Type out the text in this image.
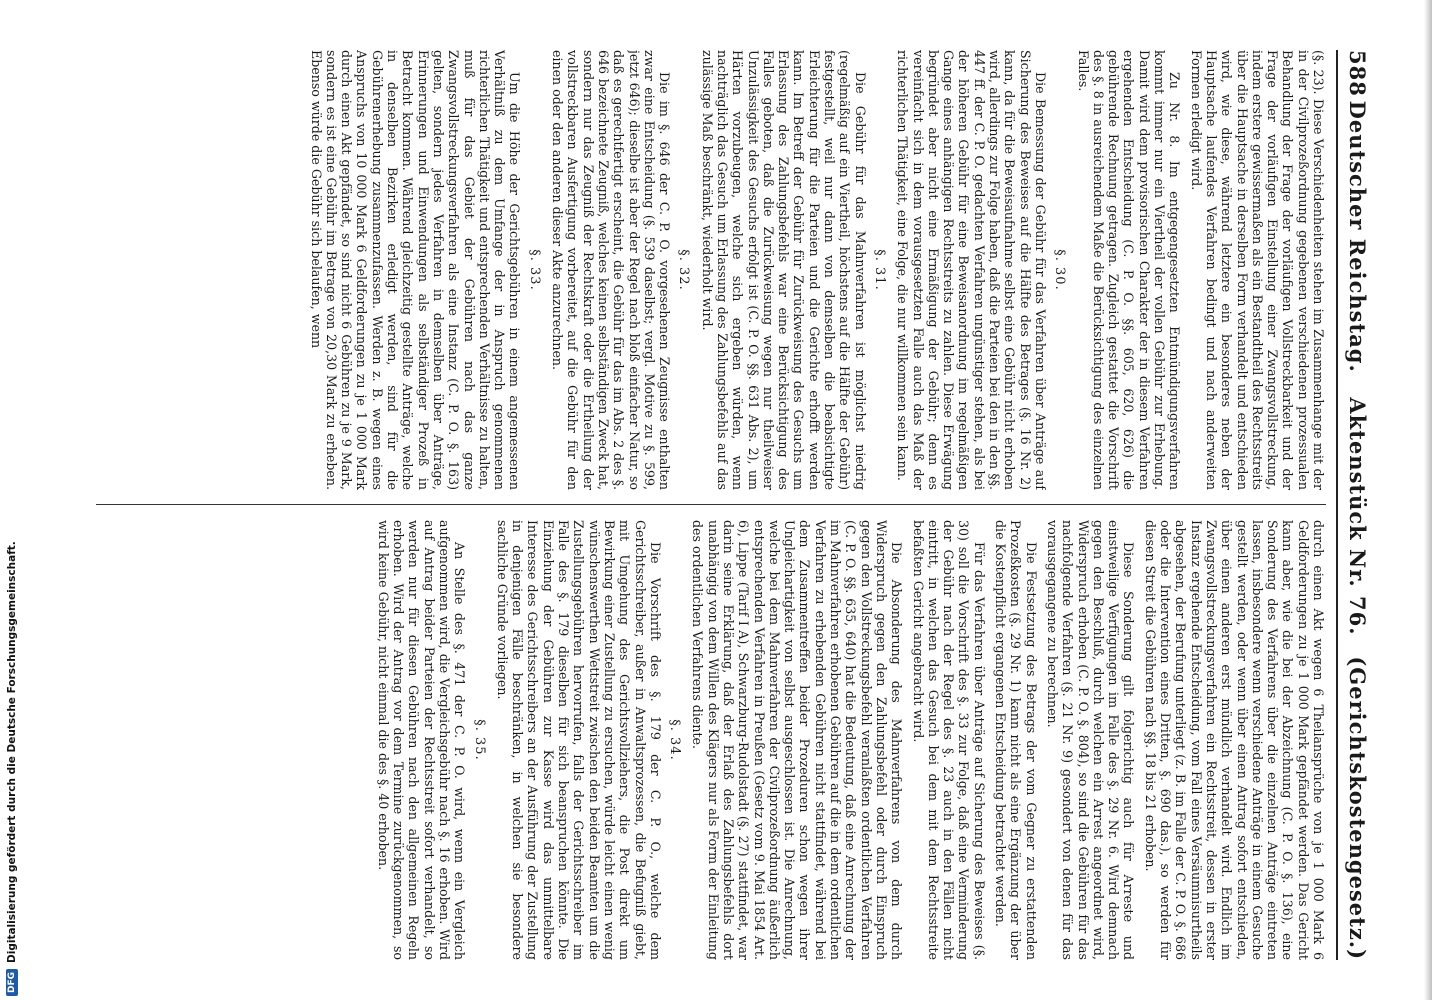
588
Deutscher Reichstag.
Aktenstück Nr. 76.
(Gerichtskostengesetz.)

(§. 23). Diese Verschiedenheiten stehen im Zusammenhange mit der in der Civilprozeßordnung gegebenen verschiedenen prozessualen Behandlung der Frage der vorläufigen Vollstreckbarkeit und der Frage der vorläufigen Einstellung einer Zwangsvollstreckung, indem erstere gewissermaßen als ein Bestandtheil des Rechtsstreits über die Hauptsache in derselben Form verhandelt und entschieden wird, wie diese, während letztere ein besonderes neben der Hauptsache laufendes Verfahren bedingt und nach anderweiten Formen erledigt wird.

Zu Nr. 8. Im entgegengesetzten Entmündigungsverfahren kommt immer nur ein Viertheil der vollen Gebühr zur Erhebung. Damit wird dem provisorischen Charakter der in diesem Verfahren ergehenden Entscheidung (C. P. O. §§. 605, 620, 626) die gebührende Rechnung getragen. Zugleich gestattet die Vorschrift des §. 8 in ausreichendem Maße die Berücksichtigung des einzelnen Falles.

§. 30.

Die Bemessung der Gebühr für das Verfahren über Anträge auf Sicherung des Beweises auf die Hälfte des Betrages (§. 16 Nr. 2) kann, da für die Beweisaufnahme selbst eine Gebühr nicht erhoben wird, allerdings zur Folge haben, daß die Parteien bei den in den §§. 447 ff. der C. P. O. gedachten Verfahren ungünstiger stehen, als bei der höheren Gebühr für eine Beweisanordnung im regelmäßigen Gange eines anhängigen Rechtsstreits zu zahlen. Diese Erwägung begründet aber nicht eine Ermäßigung der Gebühr; denn es vereinfacht sich in dem vorausgesetzten Falle auch das Maß der richterlichen Thätigkeit, eine Folge, die nur willkommen sein kann.

§. 31.

Die Gebühr für das Mahnverfahren ist möglichst niedrig (regelmäßig auf ein Viertheil, höchstens auf die Hälfte der Gebühr) festgestellt, weil nur dann von demselben die beabsichtigte Erleichterung für die Parteien und die Gerichte erhofft werden kann. Im Betreff der Gebühr für Zurückweisung des Gesuchs um Erlassung des Zahlungsbefehls war eine Berücksichtigung des Falles geboten, daß die Zurückweisung wegen nur theilweiser Unzulässigkeit des Gesuchs erfolgt ist (C. P. O. §§. 631 Abs. 2), um Härten vorzubeugen, welche sich ergeben würden, wenn nachträglich das Gesuch um Erlassung des Zahlungsbefehls auf das zulässige Maß beschränkt, wiederholt wird.

§. 32.

Die im §. 646 der C. P. O. vorgesehenen Zeugnisse enthalten zwar eine Entscheidung (§. 539 daselbst; vergl. Motive zu §. 599, jetzt 646); dieselbe ist aber der Regel nach bloß einfacher Natur, so daß es gerechtfertigt erscheint, die Gebühr für das im Abs. 2 des §. 646 bezeichnete Zeugniß, welches keinen selbständigen Zweck hat, sondern nur das Zeugniß der Rechtskraft oder die Ertheilung der vollstreckbaren Ausfertigung vorbereitet, auf die Gebühr für den einen oder den anderen dieser Akte anzurechnen.

§. 33.

Um die Höhe der Gerichtsgebühren in einem angemessenen Verhältniß zu dem Umfange der in Anspruch genommenen richterlichen Thätigkeit und entsprechenden Verhältnisse zu halten, muß für das Gebiet der Gebühren nach das ganze Zwangsvollstreckungsverfahren als eine Instanz (C. P. O. §. 163) gelten, sondern jedes Verfahren in demselben über Anträge, Erinnerungen und Einwendungen als selbständiger Prozeß in Betracht kommen. Während gleichzeitig gestellte Anträge, welche in denselben Bezirken erledigt werden, sind für die Gebührenerhebung zusammenzufassen. Werden z. B. wegen eines Anspruchs von 10 000 Mark 6 Geldforderungen zu je 1 000 Mark durch einen Akt gepfändet, so sind nicht 6 Gebühren zu je 9 Mark, sondern es ist eine Gebühr im Betrage von 20,30 Mark zu erheben. Ebenso würde die Gebühr sich belaufen, wenn

durch einen Akt wegen 6 Theilansprüche von je 1 000 Mark 6 Geldforderungen zu je 1 000 Mark gepfändet werden. Das Gericht kann aber, wie die bei der Abzeichnung (C. P. O. §. 136), eine Sonderung des Verfahrens über die einzelnen Anträge eintreten lassen, insbesondere wenn verschiedene Anträge in einem Gesuche gestellt werden, oder wenn über einen Antrag sofort entschieden, über einen anderen erst mündlich verhandelt wird. Endlich im Zwangsvollstreckungsverfahren ein Rechtsstreit, dessen in erster Instanz ergehende Entscheidung, vom Fall eines Versäumnisurtheils abgesehen, der Berufung unterliegt (z. B. im Falle der C. P. O. §. 686 oder die Intervention eines Dritten, §. 690 das.), so werden für diesen Streit die Gebühren nach §§. 18 bis 21 erhoben.

Diese Sonderung gilt folgerichtig auch für Arreste und einstweilige Verfügungen im Falle des §. 29 Nr. 6. Wird demnach gegen den Beschluß, durch welchen ein Arrest angeordnet wird, Widerspruch erhoben (C. P. O. §. 804), so sind die Gebühren für das nachfolgende Verfahren (§. 21 Nr. 9) gesondert von denen für das vorausgegangene zu berechnen.

Die Festsetzung des Betrags der vom Gegner zu erstattenden Prozeßkosten (§. 29 Nr. 1) kann nicht als eine Ergänzung der über die Kostenpflicht ergangenen Entscheidung betrachtet werden.

Für das Verfahren über Anträge auf Sicherung des Beweises (§. 30) soll die Vorschrift des §. 33 zur Folge, daß eine Verminderung der Gebühr nach der Regel des §. 23 auch in den Fällen nicht eintritt, in welchen das Gesuch bei dem mit dem Rechtsstreite befaßten Gericht angebracht wird.

Die Absonderung des Mahnverfahrens von dem durch Widerspruch gegen den Zahlungsbefehl oder durch Einspruch gegen den Vollstreckungsbefehl veranlaßten ordentlichen Verfahren (C. P. O. §§. 635, 640) hat die Bedeutung, daß eine Anrechnung der im Mahnverfahren erhobenen Gebühren auf die in dem ordentlichen Verfahren zu erhebenden Gebühren nicht stattfindet, während bei dem Zusammentreffen beider Prozeduren schon wegen ihrer Ungleichartigkeit von selbst ausgeschlossen ist. Die Anrechnung, welche bei dem Mahnverfahren der Civilprozeßordnung äußerlich entsprechenden Verfahren in Preußen (Gesetz vom 9. Mai 1854 Art. 6), Lippe (Tarif I A), Schwarzburg-Rudolstadt (§. 27) stattfindet, war darin seine Erklärung, daß der Erlaß des Zahlungsbefehls dort unabhängig von dem Willen des Klägers nur als Form der Einleitung des ordentlichen Verfahrens diente.

§. 34.

Die Vorschrift des §. 179 der C. P. O., welche dem Gerichtsschreiber, außer in Anwaltsprozessen, die Befugniß giebt, mit Umgehung des Gerichtsvollziehers, die Post direkt um Bewirkung einer Zustellung zu ersuchen, würde leicht einen wenig wünschenswerthen Wettstreit zwischen den beiden Beamten um die Zustellungsgebühren hervorrufen, falls der Gerichtsschreiber im Falle des §. 179 dieselben für sich beanspruchen könnte. Die Einziehung der Gebühren zur Kasse wird das unmittelbare Interesse des Gerichtsschreibers an der Ausführung der Zustellung in denjenigen Fälle beschränken, in welchen sie besondere sachliche Gründe vorliegen.

§. 35.

An Stelle des §. 471 der C. P. O. wird, wenn ein Vergleich aufgenommen wird, die Vergleichsgebühr nach §. 16 erhoben. Wird auf Antrag beider Parteien der Rechtsstreit sofort verhandelt, so werden nur für diesen Gebühren nach den allgemeinen Regeln erhoben. Wird der Antrag vor dem Termine zurückgenommen, so wird keine Gebühr, nicht einmal die des §. 40 erhoben.

DFG
Digitalisierung gefördert durch die Deutsche Forschungsgemeinschaft.
